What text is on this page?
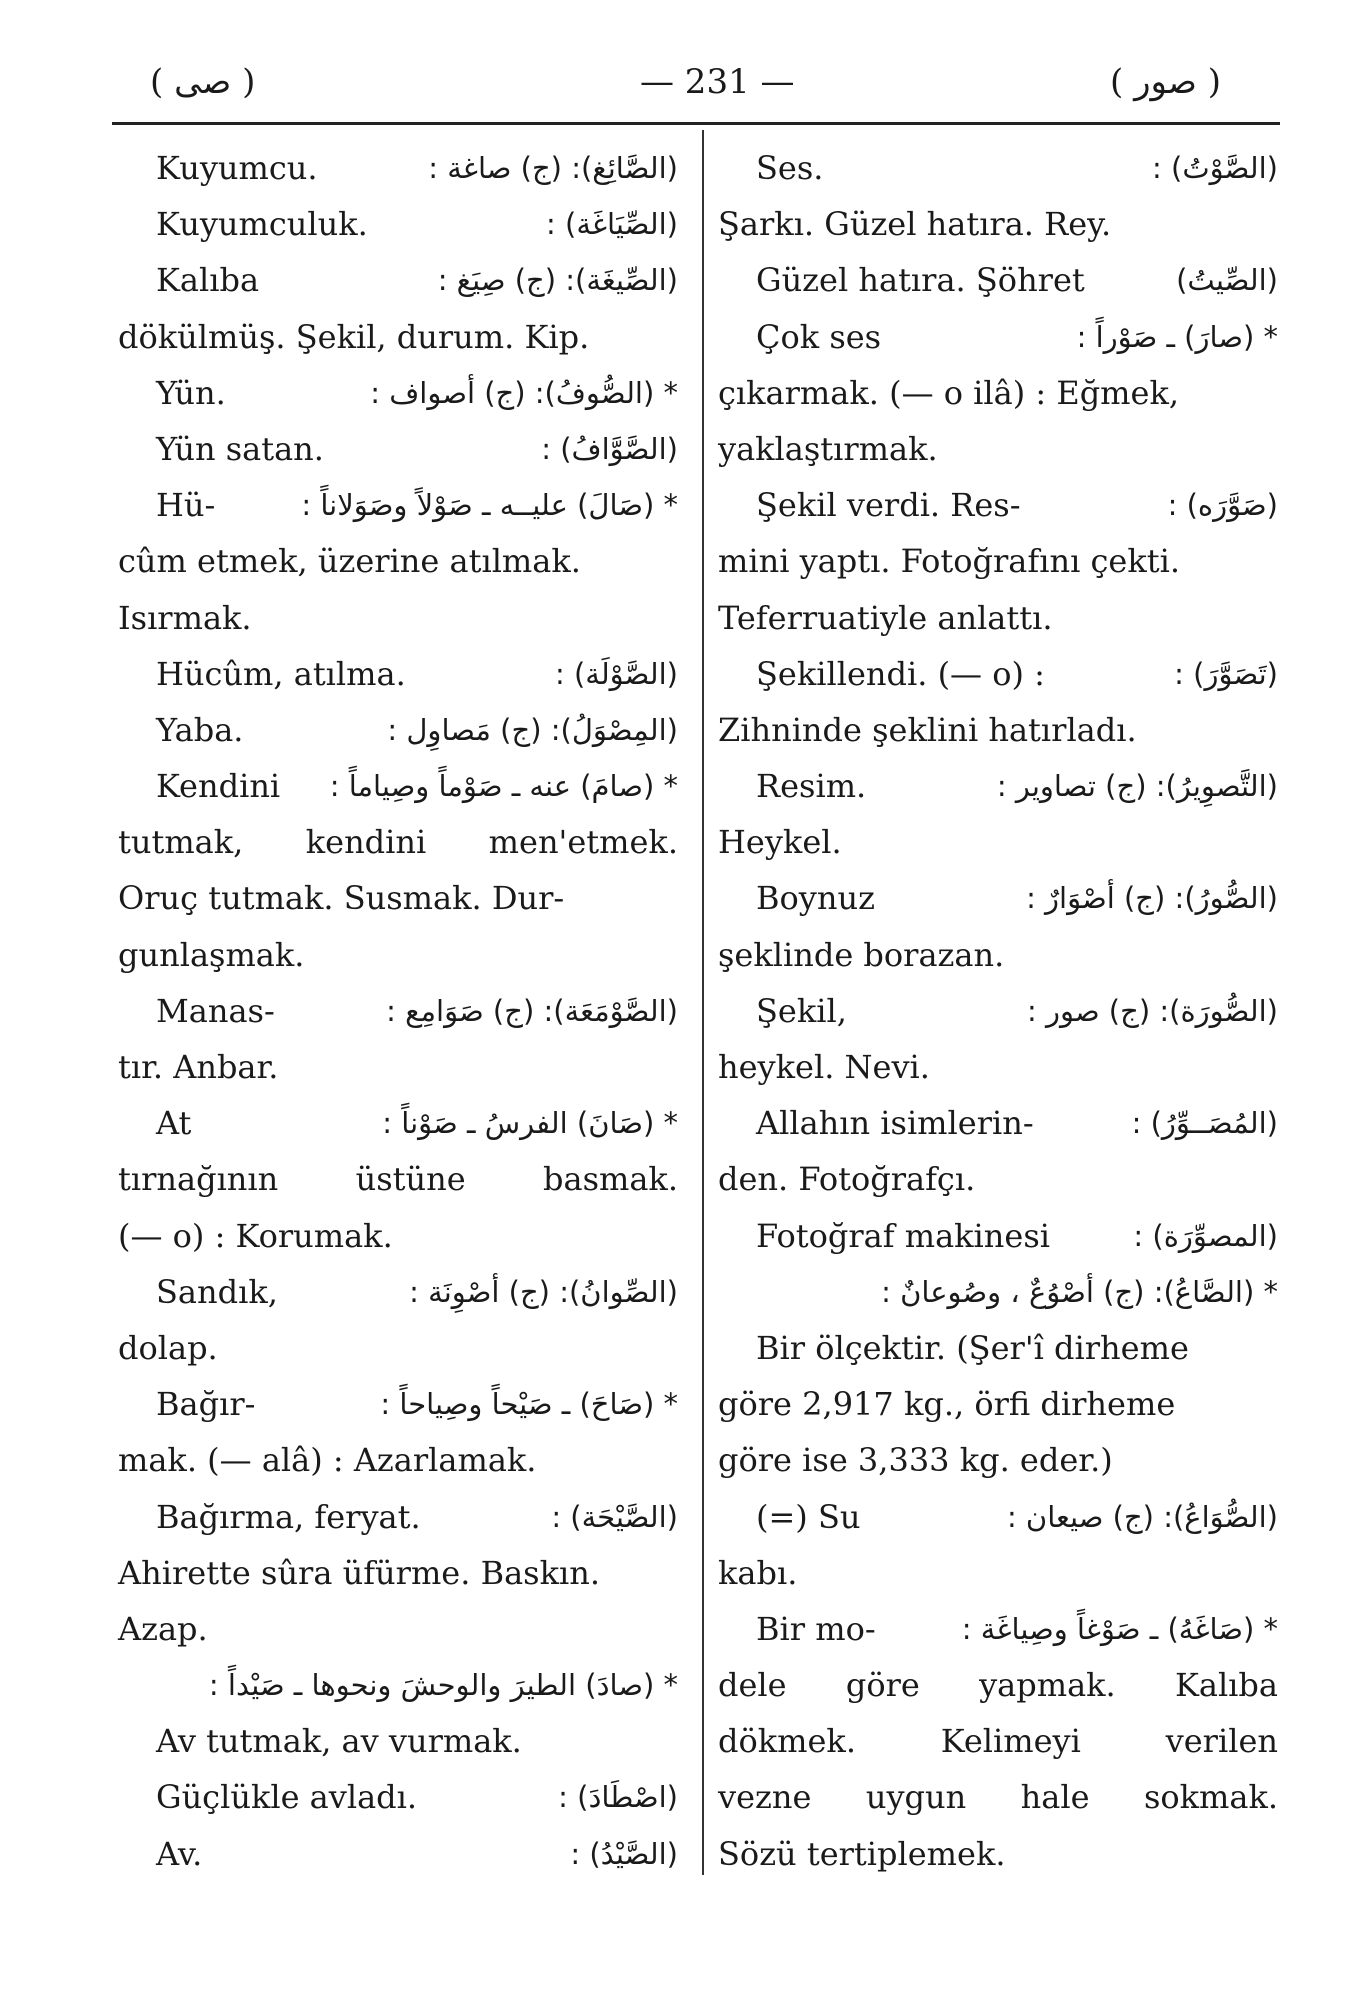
( صى )	— 231 —	( صور )
Kuyumcu.	(الصَّائِغ): (ج) صاغة :
Kuyumculuk.	(الصِّيَاغَة) :
Kalıba	(الصِّيغَة): (ج) صِيَغ :
dökülmüş. Şekil, durum. Kip.
Yün.	* (الصُّوفُ): (ج) أصواف :
Yün satan.	(الصَّوَّافُ) :
Hü-	* (صَالَ) عليــه ـ صَوْلاً وصَوَلاناً :
cûm etmek, üzerine atılmak.
Isırmak.
Hücûm, atılma.	(الصَّوْلَة) :
Yaba.	(المِصْوَلُ): (ج) مَصاوِل :
Kendini * (صامَ) عنه ـ صَوْماً وصِياماً :
tutmak, kendini men'etmek.
Oruç tutmak. Susmak. Dur-
gunlaşmak.
Manas-	(الصَّوْمَعَة): (ج) صَوَامِع :
tır. Anbar.
At	* (صَانَ) الفرسُ ـ صَوْناً :
tırnağının üstüne basmak.
(— o) : Korumak.
Sandık,	(الصِّوانُ): (ج) أصْوِنَة :
dolap.
Bağır-	* (صَاحَ) ـ صَيْحاً وصِياحاً :
mak. (— alâ) : Azarlamak.
Bağırma, feryat.	(الصَّيْحَة) :
Ahirette sûra üfürme. Baskın.
Azap.
* (صادَ) الطيرَ والوحشَ ونحوها ـ صَيْداً :
Av tutmak, av vurmak.
Güçlükle avladı.	(اصْطَادَ) :
Av.	(الصَّيْدُ) :
Ses.	(الصَّوْتُ) :
Şarkı. Güzel hatıra. Rey.
Güzel hatıra. Şöhret	(الصِّيتُ)
Çok ses	* (صارَ) ـ صَوْراً :
çıkarmak. (— o ilâ) : Eğmek,
yaklaştırmak.
Şekil verdi. Res-	(صَوَّرَه) :
mini yaptı. Fotoğrafını çekti.
Teferruatiyle anlattı.
Şekillendi. (— o) :	(تَصَوَّرَ) :
Zihninde şeklini hatırladı.
Resim.	(التَّصوِيرُ): (ج) تصاوير :
Heykel.
Boynuz	(الصُّورُ): (ج) أصْوَارٌ :
şeklinde borazan.
Şekil,	(الصُّورَة): (ج) صور :
heykel. Nevi.
Allahın isimlerin-	(المُصَــوِّرُ) :
den. Fotoğrafçı.
Fotoğraf makinesi	(المصوِّرَة) :
* (الصَّاعُ): (ج) أصْوُعٌ ، وصُوعانٌ :
Bir ölçektir. (Şer'î dirheme
göre 2,917 kg., örfi dirheme
göre ise 3,333 kg. eder.)
(=) Su	(الصُّوَاعُ): (ج) صيعان :
kabı.
Bir mo-	* (صَاغَهُ) ـ صَوْغاً وصِياغَة :
dele göre yapmak. Kalıba
dökmek.	Kelimeyi	verilen
vezne uygun hale sokmak.
Sözü tertiplemek.
